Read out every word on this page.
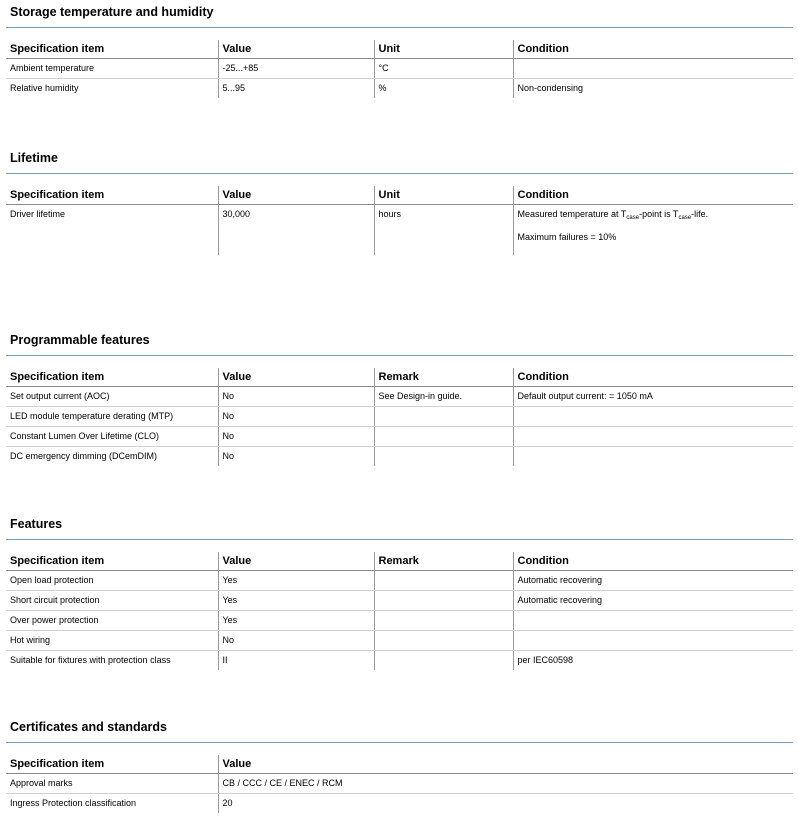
Storage temperature and humidity
Specification item	Value	Unit	Condition
Ambient temperature	-25...+85	°C	
Relative humidity	5...95	%	Non-condensing
Lifetime
Specification item	Value	Unit	Condition
Driver lifetime	30,000	hours	Measured temperature at $T_{case}$-point is $T_{case}$-life.
Maximum failures = 10%
Programmable features
Specification item	Value	Remark	Condition
Set output current (AOC)	No	See Design-in guide.	Default output current: = 1050 mA
LED module temperature derating (MTP)	No		
Constant Lumen Over Lifetime (CLO)	No		
DC emergency dimming (DCemDIM)	No		
Features
Specification item	Value	Remark	Condition
Open load protection	Yes		Automatic recovering
Short circuit protection	Yes		Automatic recovering
Over power protection	Yes		
Hot wiring	No		
Suitable for fixtures with protection class	II		per IEC60598
Certificates and standards
Specification item	Value
Approval marks	CB / CCC / CE / ENEC / RCM
Ingress Protection classification	20
